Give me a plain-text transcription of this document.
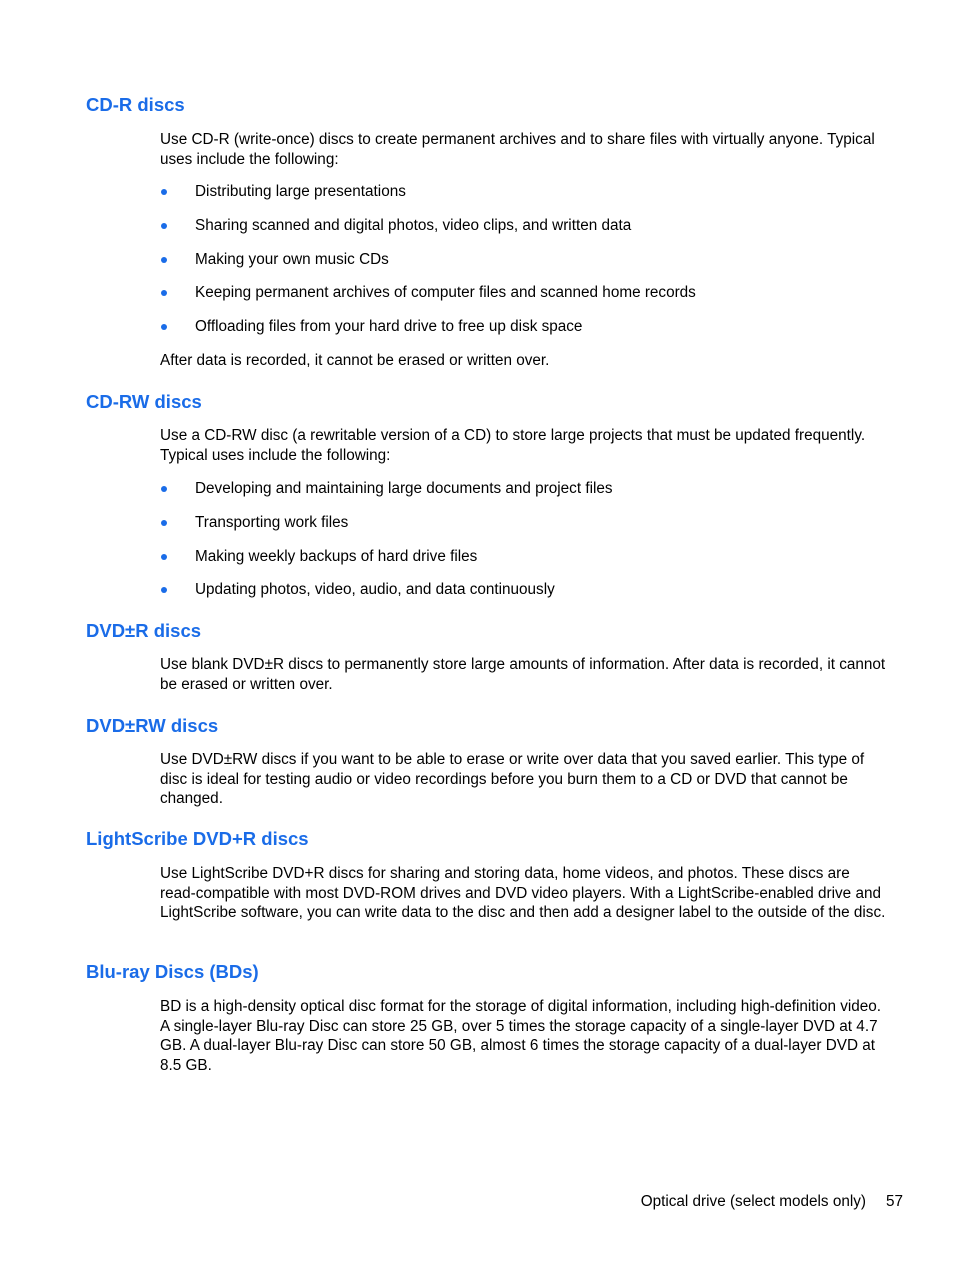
CD-R discs

Use CD-R (write-once) discs to create permanent archives and to share files with virtually anyone. Typical uses include the following:

Distributing large presentations
Sharing scanned and digital photos, video clips, and written data
Making your own music CDs
Keeping permanent archives of computer files and scanned home records
Offloading files from your hard drive to free up disk space

After data is recorded, it cannot be erased or written over.

CD-RW discs

Use a CD-RW disc (a rewritable version of a CD) to store large projects that must be updated frequently. Typical uses include the following:

Developing and maintaining large documents and project files
Transporting work files
Making weekly backups of hard drive files
Updating photos, video, audio, and data continuously
DVD±R discs

Use blank DVD±R discs to permanently store large amounts of information. After data is recorded, it cannot be erased or written over.

DVD±RW discs

Use DVD±RW discs if you want to be able to erase or write over data that you saved earlier. This type of disc is ideal for testing audio or video recordings before you burn them to a CD or DVD that cannot be changed.

LightScribe DVD+R discs

Use LightScribe DVD+R discs for sharing and storing data, home videos, and photos. These discs are read-compatible with most DVD-ROM drives and DVD video players. With a LightScribe-enabled drive and LightScribe software, you can write data to the disc and then add a designer label to the outside of the disc.

Blu-ray Discs (BDs)

BD is a high-density optical disc format for the storage of digital information, including high-definition video. A single-layer Blu-ray Disc can store 25 GB, over 5 times the storage capacity of a single-layer DVD at 4.7 GB. A dual-layer Blu-ray Disc can store 50 GB, almost 6 times the storage capacity of a dual-layer DVD at 8.5 GB.

Optical drive (select models only) 57
